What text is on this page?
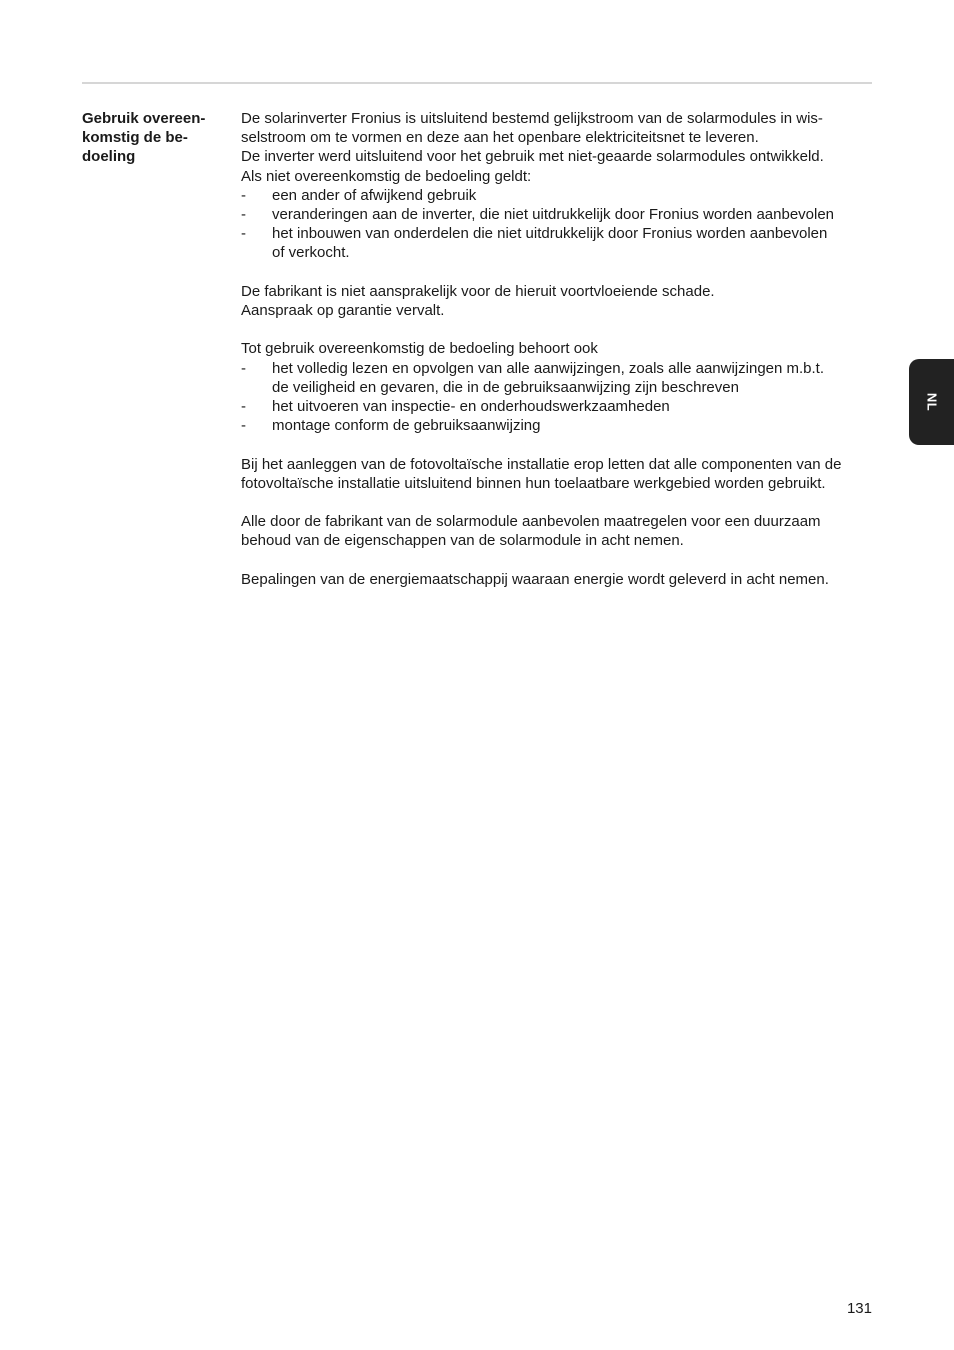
Gebruik overeen-
komstig de be-
doeling

De solarinverter Fronius is uitsluitend bestemd gelijkstroom van de solarmodules in wis-
selstroom om te vormen en deze aan het openbare elektriciteitsnet te leveren.
De inverter werd uitsluitend voor het gebruik met niet-geaarde solarmodules ontwikkeld.
Als niet overeenkomstig de bedoeling geldt:

- een ander of afwijkend gebruik
- veranderingen aan de inverter, die niet uitdrukkelijk door Fronius worden aanbevolen
- het inbouwen van onderdelen die niet uitdrukkelijk door Fronius worden aanbevolen
of verkocht.

De fabrikant is niet aansprakelijk voor de hieruit voortvloeiende schade.
Aanspraak op garantie vervalt.

Tot gebruik overeenkomstig de bedoeling behoort ook

- het volledig lezen en opvolgen van alle aanwijzingen, zoals alle aanwijzingen m.b.t.
de veiligheid en gevaren, die in de gebruiksaanwijzing zijn beschreven
- het uitvoeren van inspectie- en onderhoudswerkzaamheden
- montage conform de gebruiksaanwijzing

Bij het aanleggen van de fotovoltaïsche installatie erop letten dat alle componenten van de
fotovoltaïsche installatie uitsluitend binnen hun toelaatbare werkgebied worden gebruikt.

Alle door de fabrikant van de solarmodule aanbevolen maatregelen voor een duurzaam
behoud van de eigenschappen van de solarmodule in acht nemen.

Bepalingen van de energiemaatschappij waaraan energie wordt geleverd in acht nemen.

NL
131
